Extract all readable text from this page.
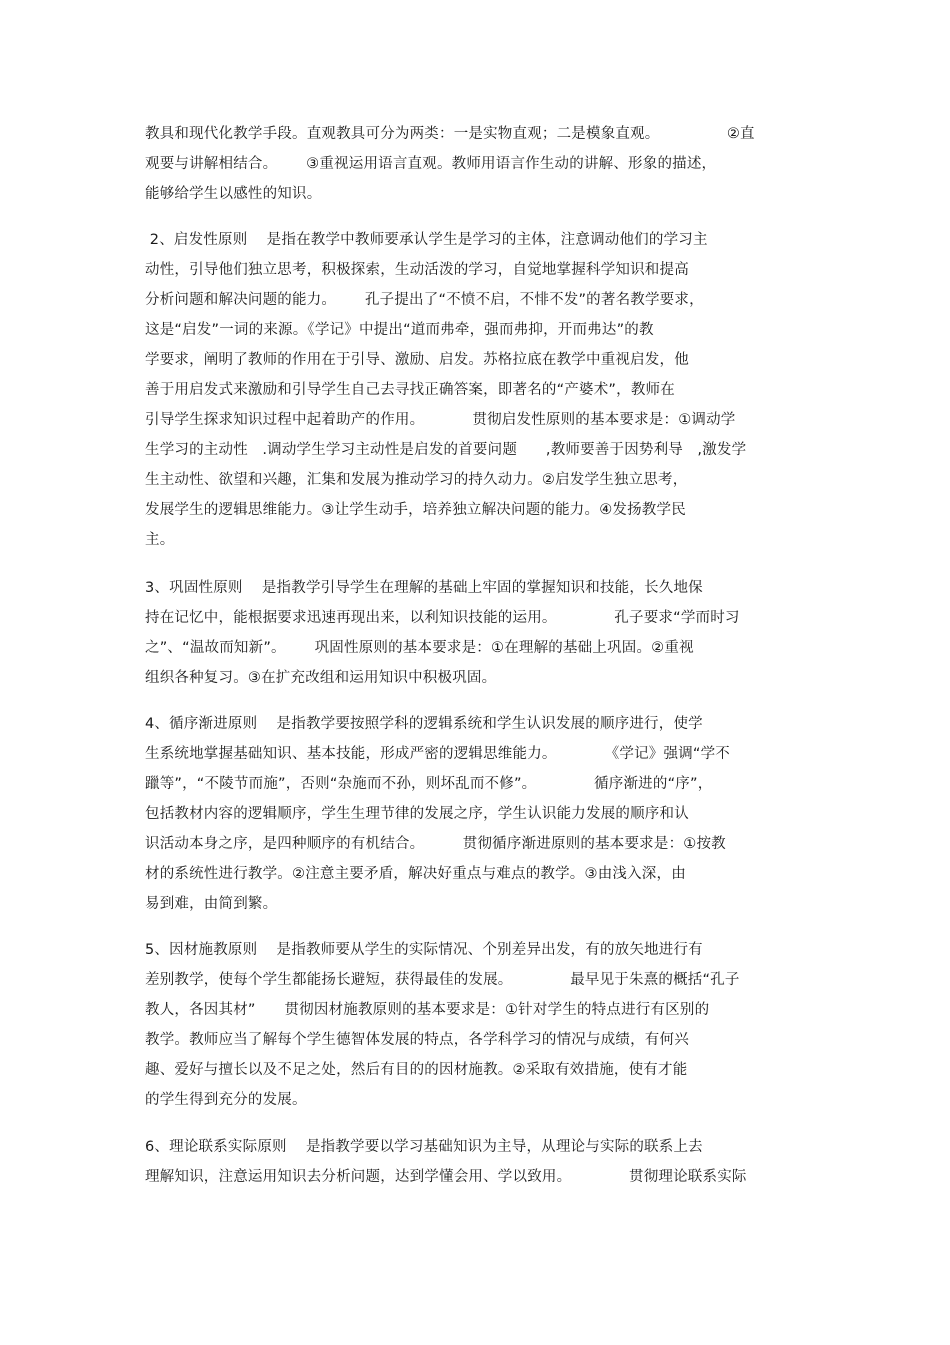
教具和现代化教学手段。直观教具可分为两类：一是实物直观；二是模象直观。              ②直
观要与讲解相结合。      ③重视运用语言直观。教师用语言作生动的讲解、形象的描述，
能够给学生以感性的知识。
2、启发性原则    是指在教学中教师要承认学生是学习的主体，注意调动他们的学习主
动性，引导他们独立思考，积极探索，生动活泼的学习，自觉地掌握科学知识和提高
分析问题和解决问题的能力。      孔子提出了“不愤不启，不悱不发”的著名教学要求，
这是“启发”一词的来源。《学记》中提出“道而弗牵，强而弗抑，开而弗达”的教
学要求，阐明了教师的作用在于引导、激励、启发。苏格拉底在教学中重视启发，他
善于用启发式来激励和引导学生自己去寻找正确答案，即著名的“产婆术”，教师在
引导学生探求知识过程中起着助产的作用。          贯彻启发性原则的基本要求是：①调动学
生学习的主动性   .调动学生学习主动性是启发的首要问题      ,教师要善于因势利导   ,激发学
生主动性、欲望和兴趣，汇集和发展为推动学习的持久动力。②启发学生独立思考，
发展学生的逻辑思维能力。③让学生动手，培养独立解决问题的能力。④发扬教学民
主。
3、巩固性原则    是指教学引导学生在理解的基础上牢固的掌握知识和技能，长久地保
持在记忆中，能根据要求迅速再现出来，以利知识技能的运用。            孔子要求“学而时习
之”、“温故而知新”。      巩固性原则的基本要求是：①在理解的基础上巩固。②重视
组织各种复习。③在扩充改组和运用知识中积极巩固。
4、循序渐进原则    是指教学要按照学科的逻辑系统和学生认识发展的顺序进行，使学
生系统地掌握基础知识、基本技能，形成严密的逻辑思维能力。          《学记》强调“学不
躐等”，“不陵节而施”，否则“杂施而不孙，则坏乱而不修”。            循序渐进的“序”，
包括教材内容的逻辑顺序，学生生理节律的发展之序，学生认识能力发展的顺序和认
识活动本身之序，是四种顺序的有机结合。        贯彻循序渐进原则的基本要求是：①按教
材的系统性进行教学。②注意主要矛盾，解决好重点与难点的教学。③由浅入深，由
易到难，由简到繁。
5、因材施教原则    是指教师要从学生的实际情况、个别差异出发，有的放矢地进行有
差别教学，使每个学生都能扬长避短，获得最佳的发展。            最早见于朱熹的概括“孔子
教人，各因其材”      贯彻因材施教原则的基本要求是：①针对学生的特点进行有区别的
教学。教师应当了解每个学生德智体发展的特点，各学科学习的情况与成绩，有何兴
趣、爱好与擅长以及不足之处，然后有目的的因材施教。②采取有效措施，使有才能
的学生得到充分的发展。
6、理论联系实际原则    是指教学要以学习基础知识为主导，从理论与实际的联系上去
理解知识，注意运用知识去分析问题，达到学懂会用、学以致用。            贯彻理论联系实际
